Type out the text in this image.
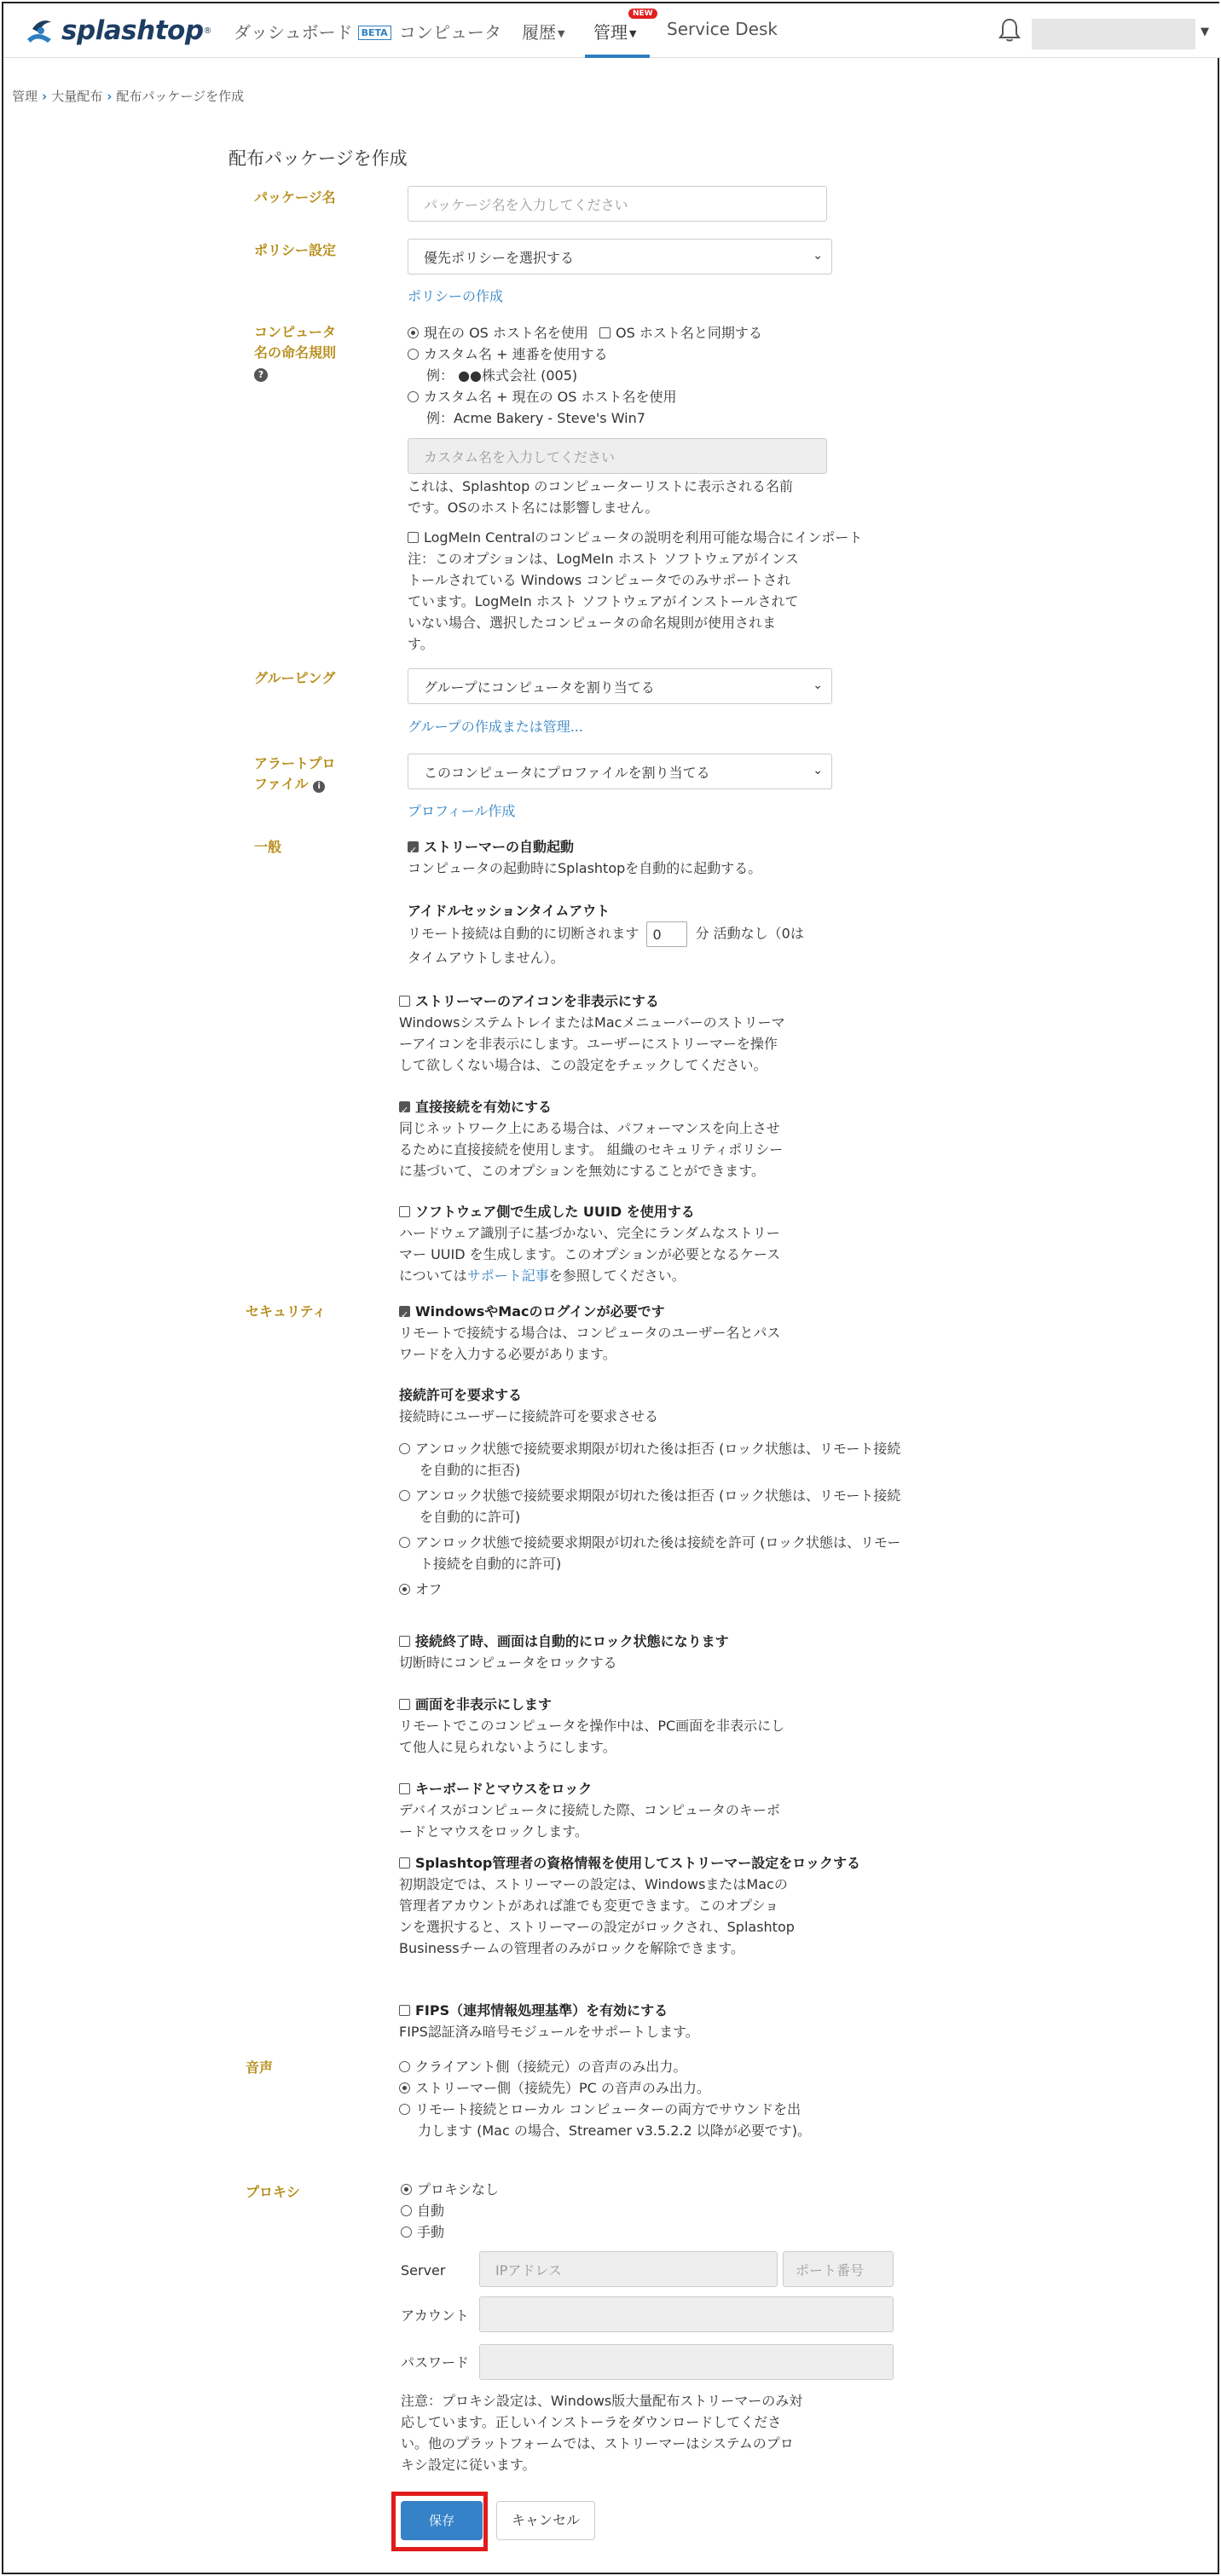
splashtop ® ダッシュボード BETA コンピュータ 履歴 ▼ 管理 ▼
NEW
Service Desk	▼
管理 › 大量配布 › 配布パッケージを作成
配布パッケージを作成
パッケージ名	パッケージ名を入力してください
ポリシー設定	優先ポリシーを選択する	⌄
ポリシーの作成
コンピュータ
名の命名規則
?
現在の OS ホスト名を使用 OS ホスト名と同期する
カスタム名 + 連番を使用する
例： ●●株式会社 (005)
カスタム名 + 現在の OS ホスト名を使用
例：Acme Bakery - Steve's Win7
カスタム名を入力してください
これは、Splashtop のコンピューターリストに表示される名前
です。OSのホスト名には影響しません。
LogMeIn Centralのコンピュータの説明を利用可能な場合にインポート
注：このオプションは、LogMeIn ホスト ソフトウェアがインス
トールされている Windows コンピュータでのみサポートされ
ています。LogMeIn ホスト ソフトウェアがインストールされて
いない場合、選択したコンピュータの命名規則が使用されま
す。
グルーピング
グループにコンピュータを割り当てる	⌄
グループの作成または管理...
アラートプロ
ファイル i
このコンピュータにプロファイルを割り当てる	⌄
プロフィール作成
一般 ✓	ストリーマーの自動起動
コンピュータの起動時にSplashtopを自動的に起動する。
アイドルセッションタイムアウト
リモート接続は自動的に切断されます 0 分 活動なし（0は
タイムアウトしません）。
ストリーマーのアイコンを非表示にする
WindowsシステムトレイまたはMacメニューバーのストリーマ
ーアイコンを非表示にします。ユーザーにストリーマーを操作
して欲しくない場合は、この設定をチェックしてください。
✓直接接続を有効にする
同じネットワーク上にある場合は、パフォーマンスを向上させ
るために直接接続を使用します。 組織のセキュリティポリシー
に基づいて、このオプションを無効にすることができます。
ソフトウェア側で生成した UUID を使用する
ハードウェア識別子に基づかない、完全にランダムなストリー
マー UUID を生成します。このオプションが必要となるケース
についてはサポート記事を参照してください。
セキュリティ ✓	WindowsやMacのログインが必要です
リモートで接続する場合は、コンピュータのユーザー名とパス
ワードを入力する必要があります。
接続許可を要求する
接続時にユーザーに接続許可を要求させる
アンロック状態で接続要求期限が切れた後は拒否 (ロック状態は、リモート接続
を自動的に拒否)
アンロック状態で接続要求期限が切れた後は拒否 (ロック状態は、リモート接続
を自動的に許可)
アンロック状態で接続要求期限が切れた後は接続を許可 (ロック状態は、リモー
ト接続を自動的に許可)
オフ
接続終了時、画面は自動的にロック状態になります
切断時にコンピュータをロックする
画面を非表示にします
リモートでこのコンピュータを操作中は、PC画面を非表示にし
て他人に見られないようにします。
キーボードとマウスをロック
デバイスがコンピュータに接続した際、コンピュータのキーボ
ードとマウスをロックします。
Splashtop管理者の資格情報を使用してストリーマー設定をロックする
初期設定では、ストリーマーの設定は、WindowsまたはMacの
管理者アカウントがあれば誰でも変更できます。このオプショ
ンを選択すると、ストリーマーの設定がロックされ、Splashtop
Businessチームの管理者のみがロックを解除できます。
FIPS（連邦情報処理基準）を有効にする
FIPS認証済み暗号モジュールをサポートします。
音声	クライアント側（接続元）の音声のみ出力。
ストリーマー側（接続先）PC の音声のみ出力。
リモート接続とローカル コンピューターの両方でサウンドを出
力します (Mac の場合、Streamer v3.5.2.2 以降が必要です)。
プロキシ	プロキシなし
自動
手動
Server	IPアドレス	ポート番号
アカウント
パスワード
注意：プロキシ設定は、Windows版大量配布ストリーマーのみ対
応しています。正しいインストーラをダウンロードしてくださ
い。他のプラットフォームでは、ストリーマーはシステムのプロ
キシ設定に従います。
保存	キャンセル
